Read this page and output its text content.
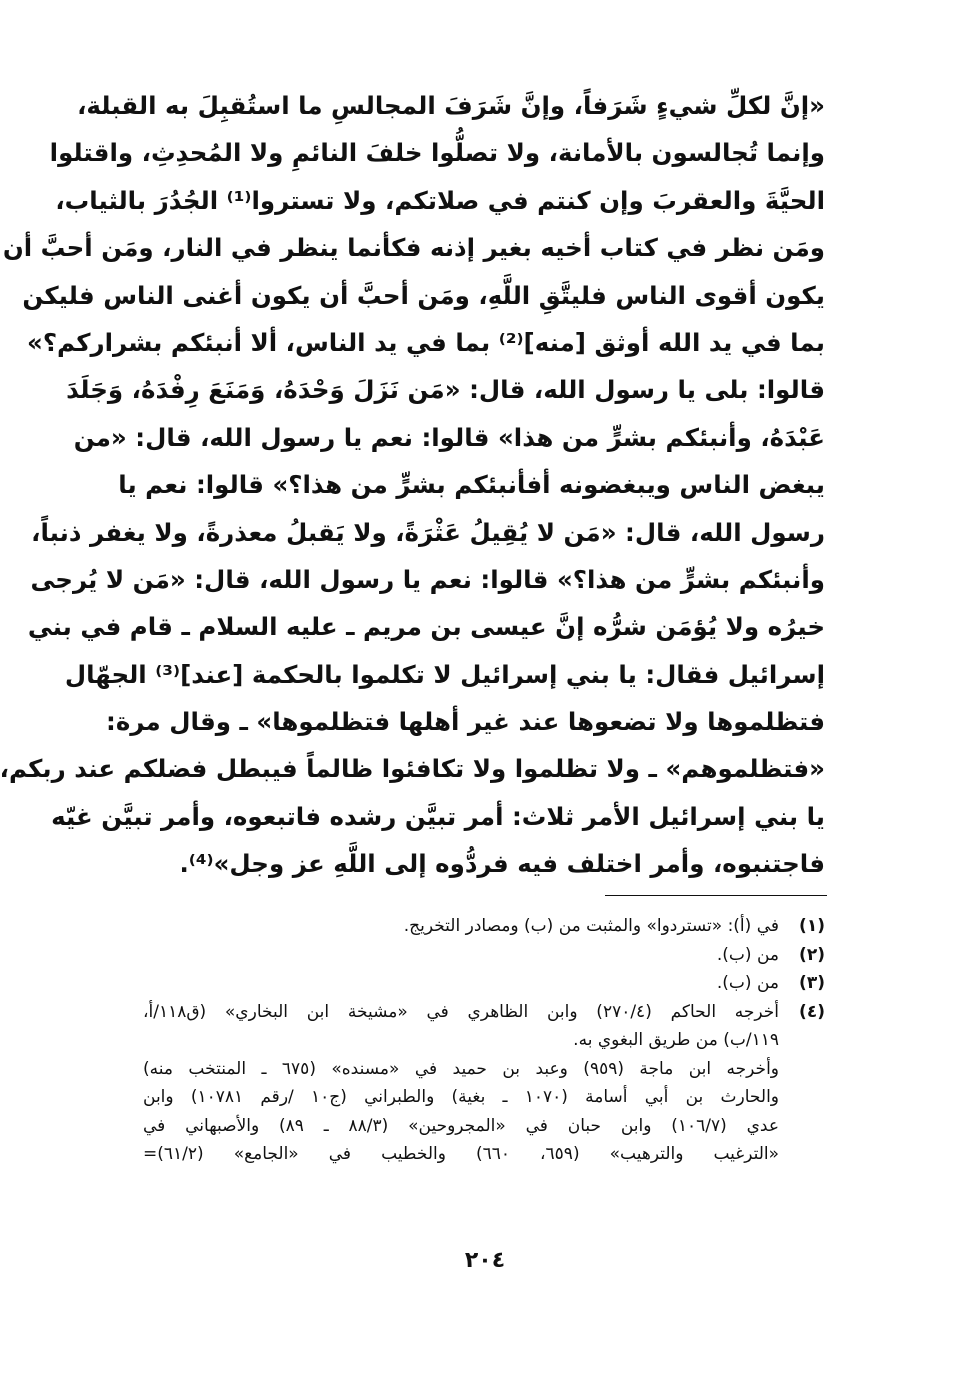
«إنَّ لكلِّ شيءٍ شَرَفاً، وإنَّ شَرَفَ المجالسِ ما استُقبِلَ به القبلة،
وإنما تُجالسون بالأمانة، ولا تصلُّوا خلفَ النائمِ ولا المُحدِثِ، واقتلوا
الحيَّةَ والعقربَ وإن كنتم في صلاتكم، ولا تستروا⁽¹⁾ الجُدُرَ بالثياب،
ومَن نظر في كتاب أخيه بغير إذنه فكأنما ينظر في النار، ومَن أحبَّ أن
يكون أقوى الناس فليتَّقِ اللَّهِ، ومَن أحبَّ أن يكون أغنى الناس فليكن
بما في يد الله أوثق [منه]⁽²⁾ بما في يد الناس، ألا أنبئكم بشراركم؟»
قالوا: بلى يا رسول الله، قال: «مَن نَزَلَ وَحْدَهُ، وَمَنَعَ رِفْدَهُ، وَجَلَدَ
عَبْدَهُ، وأنبئكم بشرٍّ من هذا» قالوا: نعم يا رسول الله، قال: «من
يبغض الناس ويبغضونه أفأنبئكم بشرٍّ من هذا؟» قالوا: نعم يا
رسول الله، قال: «مَن لا يُقِيلُ عَثْرَةً، ولا يَقبلُ معذرةً، ولا يغفر ذنباً،
وأنبئكم بشرٍّ من هذا؟» قالوا: نعم يا رسول الله، قال: «مَن لا يُرجى
خيرُه ولا يُؤمَن شرُّه إنَّ عيسى بن مريم ـ عليه السلام ـ قام في بني
إسرائيل فقال: يا بني إسرائيل لا تكلموا بالحكمة [عند]⁽³⁾ الجهّال
فتظلموها ولا تضعوها عند غير أهلها فتظلموها» ـ وقال مرة:
«فتظلموهم» ـ ولا تظلموا ولا تكافئوا ظالماً فيبطل فضلكم عند ربكم،
يا بني إسرائيل الأمر ثلاث: أمر تبيَّن رشده فاتبعوه، وأمر تبيَّن غيّه
فاجتنبوه، وأمر اختلف فيه فردُّوه إلى اللَّهِ عز وجل»⁽⁴⁾.
(١)
في (أ): «تستردوا» والمثبت من (ب) ومصادر التخريج.
(٢)
من (ب).
(٣)
من (ب).
(٤)
أخرجه الحاكم (٢٧٠/٤) وابن الظاهري في «مشيخة ابن البخاري» (ق١١٨/أ،
١١٩/ب) من طريق البغوي به.
وأخرجه ابن ماجة (٩٥٩) وعبد بن حميد في «مسنده» (٦٧٥ ـ المنتخب منه)
والحارث بن أبي أسامة (١٠٧٠ ـ بغية) والطبراني (ج١٠ /رقم ١٠٧٨١) وابن
عدي (١٠٦/٧) وابن حبان في «المجروحين» (٨٨/٣ ـ ٨٩) والأصبهاني في
«الترغيب والترهيب» (٦٥٩، ٦٦٠) والخطيب في «الجامع» (٦١/٢)=
٢٠٤
